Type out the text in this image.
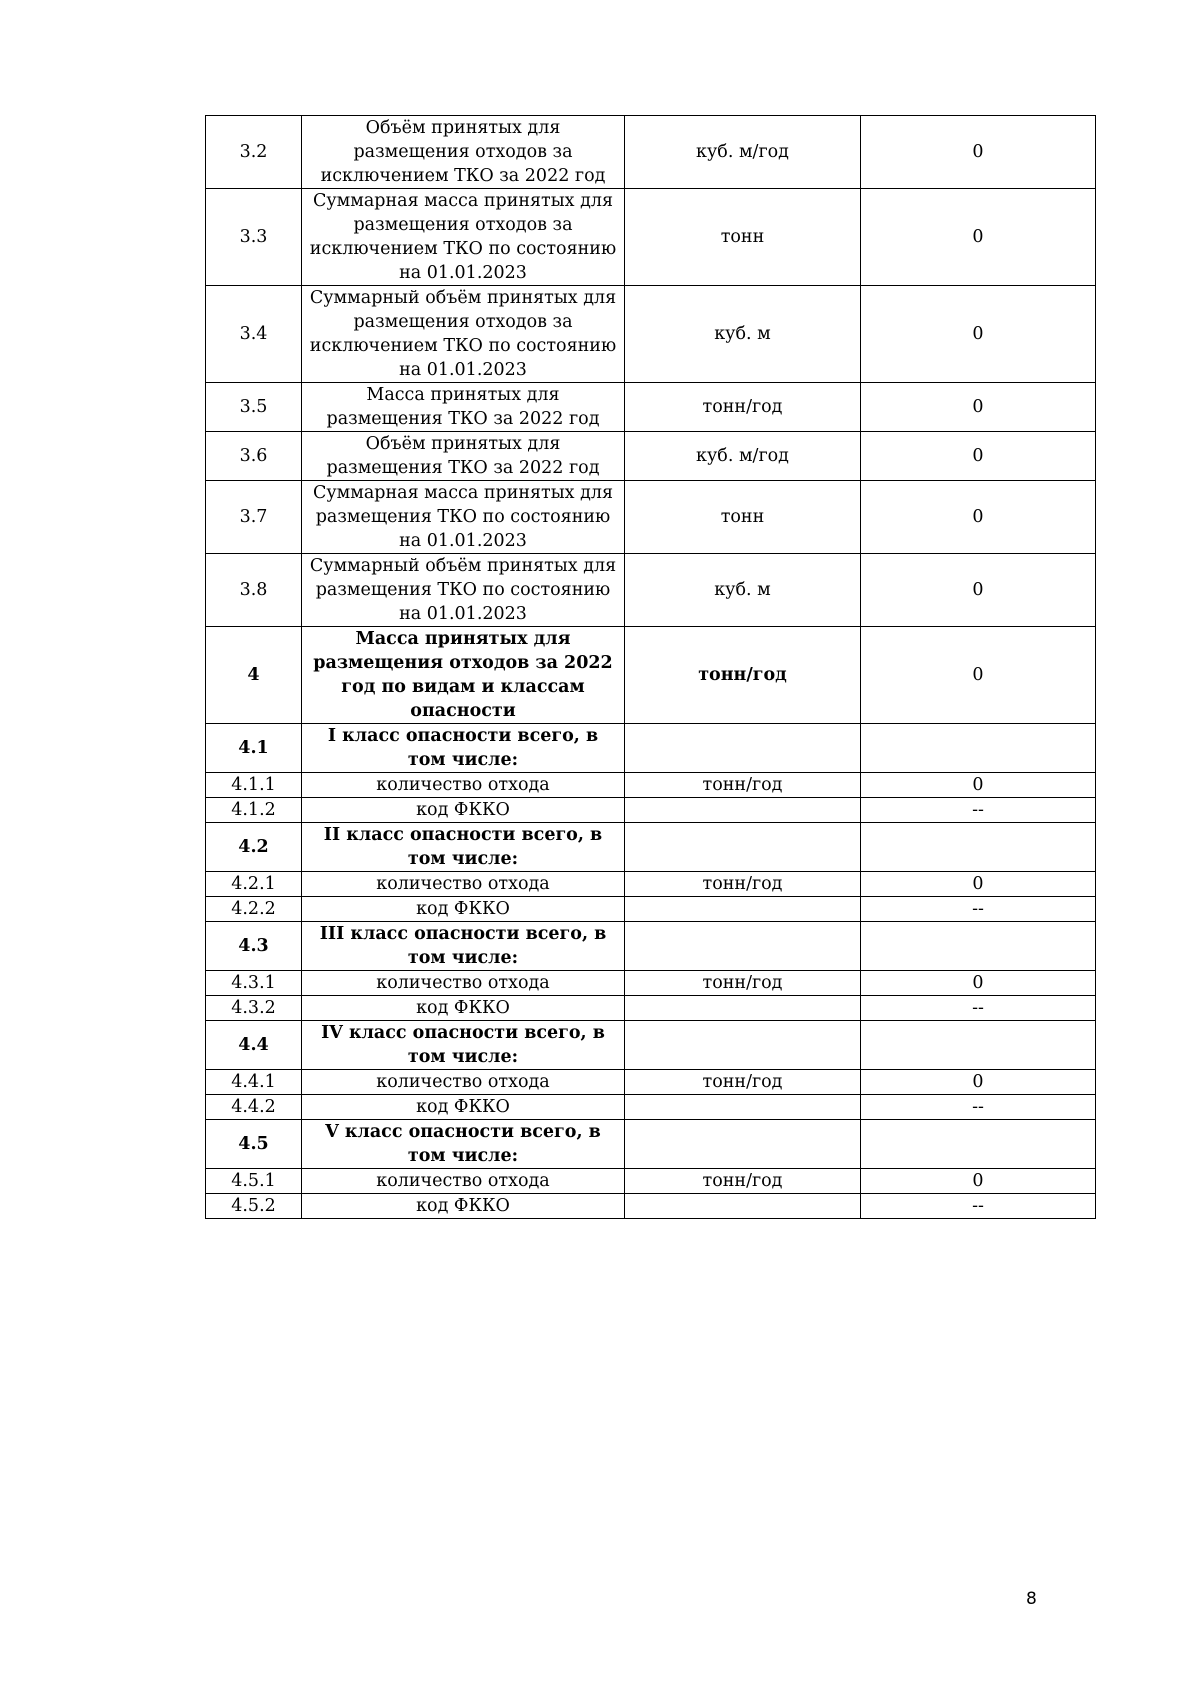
3.2	Объём принятых для размещения отходов за исключением ТКО за 2022 год	куб. м/год	0
3.3	Суммарная масса принятых для размещения отходов за исключением ТКО по состоянию на 01.01.2023	тонн	0
3.4	Суммарный объём принятых для размещения отходов за исключением ТКО по состоянию на 01.01.2023	куб. м	0
3.5	Масса принятых для размещения ТКО за 2022 год	тонн/год	0
3.6	Объём принятых для размещения ТКО за 2022 год	куб. м/год	0
3.7	Суммарная масса принятых для размещения ТКО по состоянию на 01.01.2023	тонн	0
3.8	Суммарный объём принятых для размещения ТКО по состоянию на 01.01.2023	куб. м	0
4	Масса принятых для размещения отходов за 2022 год по видам и классам опасности	тонн/год	0
4.1	I класс опасности всего, в том числе:		
4.1.1	количество отхода	тонн/год	0
4.1.2	код ФККО		--
4.2	II класс опасности всего, в том числе:		
4.2.1	количество отхода	тонн/год	0
4.2.2	код ФККО		--
4.3	III класс опасности всего, в том числе:		
4.3.1	количество отхода	тонн/год	0
4.3.2	код ФККО		--
4.4	IV класс опасности всего, в том числе:		
4.4.1	количество отхода	тонн/год	0
4.4.2	код ФККО		--
4.5	V класс опасности всего, в том числе:		
4.5.1	количество отхода	тонн/год	0
4.5.2	код ФККО		--
8
